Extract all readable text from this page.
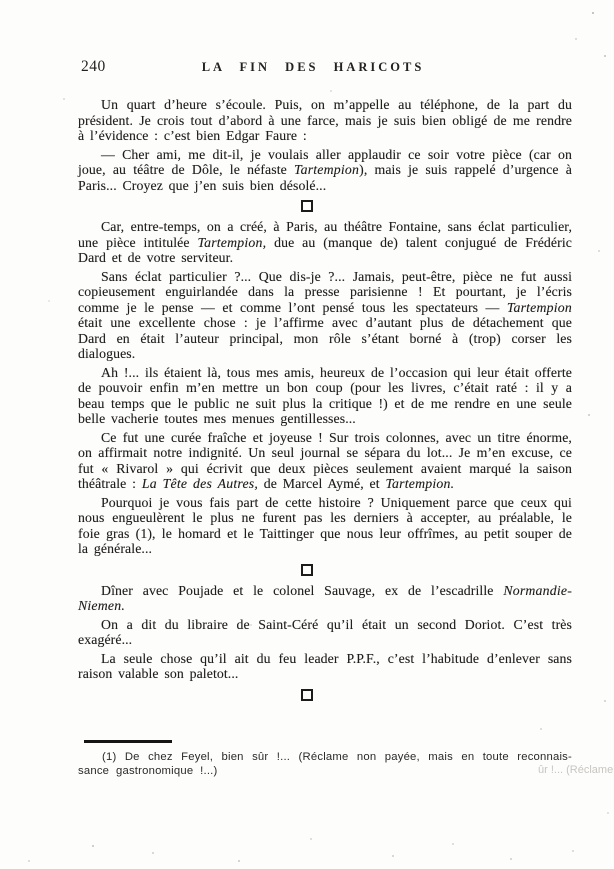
240	LA FIN DES HARICOTS

Un quart d’heure s’écoule. Puis, on m’appelle au téléphone, de la part du président. Je crois tout d’abord à une farce, mais je suis bien obligé de me rendre à l’évidence : c’est bien Edgar Faure :

— Cher ami, me dit-il, je voulais aller applaudir ce soir votre pièce (car on joue, au téâtre de Dôle, le néfaste Tartempion), mais je suis rappelé d’urgence à Paris... Croyez que j’en suis bien désolé...

Car, entre-temps, on a créé, à Paris, au théâtre Fontaine, sans éclat particulier, une pièce intitulée Tartempion, due au (manque de) talent conjugué de Frédéric Dard et de votre serviteur.

Sans éclat particulier ?... Que dis-je ?... Jamais, peut-être, pièce ne fut aussi copieusement enguirlandée dans la presse parisienne ! Et pourtant, je l’écris comme je le pense — et comme l’ont pensé tous les spectateurs — Tartempion était une excellente chose : je l’affirme avec d’autant plus de détachement que Dard en était l’auteur principal, mon rôle s’étant borné à (trop) corser les dialogues.

Ah !... ils étaient là, tous mes amis, heureux de l’occasion qui leur était offerte de pouvoir enfin m’en mettre un bon coup (pour les livres, c’était raté : il y a beau temps que le public ne suit plus la critique !) et de me rendre en une seule belle vacherie toutes mes menues gentillesses...

Ce fut une curée fraîche et joyeuse ! Sur trois colonnes, avec un titre énorme, on affirmait notre indignité. Un seul journal se sépara du lot... Je m’en excuse, ce fut « Rivarol » qui écrivit que deux pièces seulement avaient marqué la saison théâtrale : La Tête des Autres, de Marcel Aymé, et Tartempion.

Pourquoi je vous fais part de cette histoire ? Uniquement parce que ceux qui nous engueulèrent le plus ne furent pas les derniers à accepter, au préalable, le foie gras (1), le homard et le Taittinger que nous leur offrîmes, au petit souper de la générale...

Dîner avec Poujade et le colonel Sauvage, ex de l’escadrille Normandie-Niemen.

On a dit du libraire de Saint-Céré qu’il était un second Doriot. C’est très exagéré...

La seule chose qu’il ait du feu leader P.P.F., c’est l’habitude d’enlever sans raison valable son paletot...

(1) De chez Feyel, bien sûr !... (Réclame non payée, mais en toute reconnais-
sance gastronomique !...)	ûr !... (Réclame
